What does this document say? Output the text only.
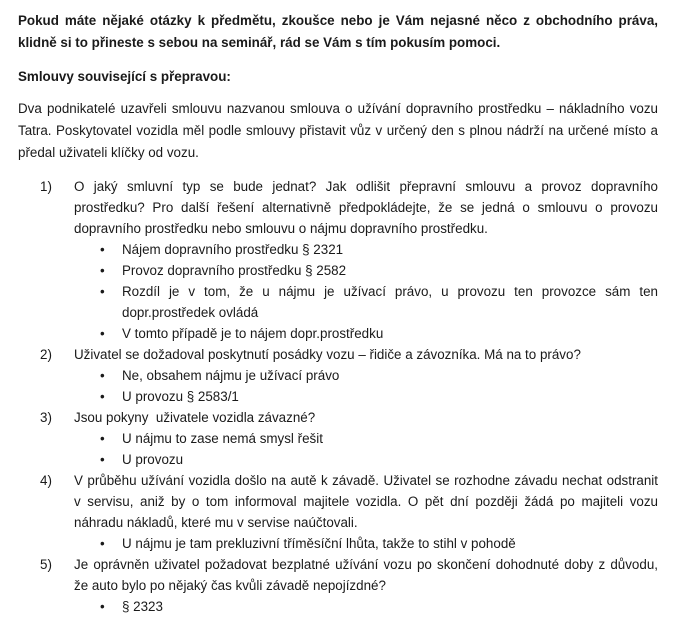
Pokud máte nějaké otázky k předmětu, zkoušce nebo je Vám nejasné něco z obchodního práva, klidně si to přineste s sebou na seminář, rád se Vám s tím pokusím pomoci.

Smlouvy související s přepravou:

Dva podnikatelé uzavřeli smlouvu nazvanou smlouva o užívání dopravního prostředku – nákladního vozu Tatra. Poskytovatel vozidla měl podle smlouvy přistavit vůz v určený den s plnou nádrží na určené místo a předal uživateli klíčky od vozu.

1) O jaký smluvní typ se bude jednat? Jak odlišit přepravní smlouvu a provoz dopravního prostředku? Pro další řešení alternativně předpokládejte, že se jedná o smlouvu o provozu dopravního prostředku nebo smlouvu o nájmu dopravního prostředku.
• Nájem dopravního prostředku § 2321
• Provoz dopravního prostředku § 2582
• Rozdíl je v tom, že u nájmu je užívací právo, u provozu ten provozce sám ten dopr.prostředek ovládá
• V tomto případě je to nájem dopr.prostředku
2) Uživatel se dožadoval poskytnutí posádky vozu – řidiče a závozníka. Má na to právo?
• Ne, obsahem nájmu je užívací právo
• U provozu § 2583/1
3) Jsou pokyny  uživatele vozidla závazné?
• U nájmu to zase nemá smysl řešit
• U provozu
4) V průběhu užívání vozidla došlo na autě k závadě. Uživatel se rozhodne závadu nechat odstranit v servisu, aniž by o tom informoval majitele vozidla. O pět dní později žádá po majiteli vozu náhradu nákladů, které mu v servise naúčtovali.
• U nájmu je tam prekluzivní tříměsíční lhůta, takže to stihl v pohodě
5) Je oprávněn uživatel požadovat bezplatné užívání vozu po skončení dohodnuté doby z důvodu, že auto bylo po nějaký čas kvůli závadě nepojízdné?
• § 2323
